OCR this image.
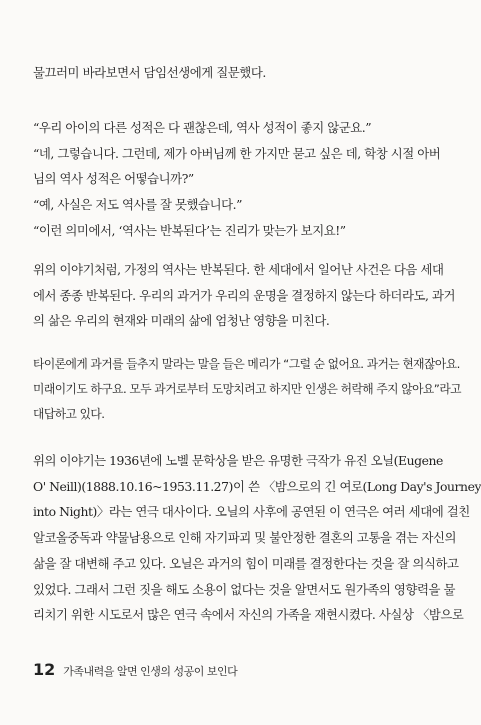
물끄러미 바라보면서 담임선생에게 질문했다.
“우리 아이의 다른 성적은 다 괜찮은데, 역사 성적이 좋지 않군요.”
“네, 그렇습니다. 그런데, 제가 아버님께 한 가지만 묻고 싶은 데, 학창 시절 아버
님의 역사 성적은 어떻습니까?”
“예, 사실은 저도 역사를 잘 못했습니다.”
“이런 의미에서, ‘역사는 반복된다’는 진리가 맞는가 보지요!”
위의 이야기처럼, 가정의 역사는 반복된다. 한 세대에서 일어난 사건은 다음 세대
에서 종종 반복된다. 우리의 과거가 우리의 운명을 결정하지 않는다 하더라도, 과거
의 삶은 우리의 현재와 미래의 삶에 엄청난 영향을 미친다.
타이론에게 과거를 들추지 말라는 말을 들은 메리가 “그럴 순 없어요. 과거는 현재잖아요.
미래이기도 하구요. 모두 과거로부터 도망치려고 하지만 인생은 허락해 주지 않아요”라고
대답하고 있다.
위의 이야기는 1936년에 노벨 문학상을 받은 유명한 극작가 유진 오닐(Eugene
O' Neill)(1888.10.16~1953.11.27)이 쓴 〈밤으로의 긴 여로(Long Day's Journey
into Night)〉라는 연극 대사이다. 오닐의 사후에 공연된 이 연극은 여러 세대에 걸친
알코올중독과 약물남용으로 인해 자기파괴 및 불안정한 결혼의 고통을 겪는 자신의
삶을 잘 대변해 주고 있다. 오닐은 과거의 힘이 미래를 결정한다는 것을 잘 의식하고
있었다. 그래서 그런 짓을 해도 소용이 없다는 것을 알면서도 원가족의 영향력을 물
리치기 위한 시도로서 많은 연극 속에서 자신의 가족을 재현시켰다. 사실상 〈밤으로
12 가족내력을 알면 인생의 성공이 보인다
